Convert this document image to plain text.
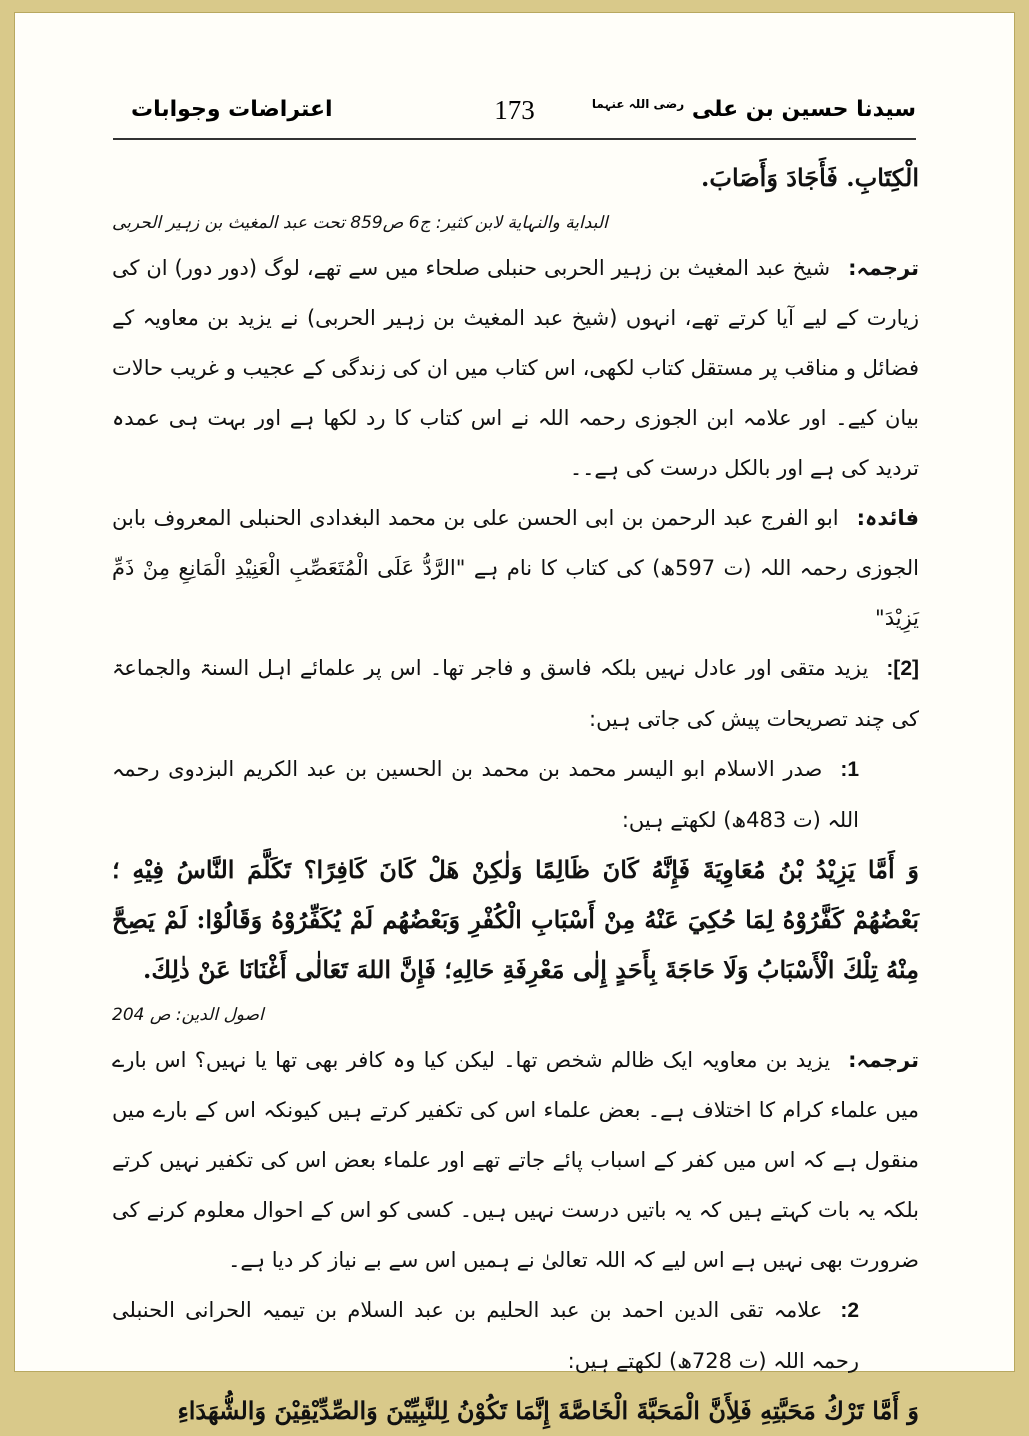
سیدنا حسین بن علی $^{رضی اللہ عنہما}$
173
اعتراضات وجوابات

الْكِتَابِ. فَأَجَادَ وَأَصَابَ.

البدایة والنہایة لابن کثیر: ج6 ص859 تحت عبد المغیث بن زہیر الحربی

ترجمہ:شیخ عبد المغیث بن زہیر الحربی حنبلی صلحاء میں سے تھے، لوگ (دور دور) ان کی زیارت کے لیے آیا کرتے تھے، انہوں (شیخ عبد المغیث بن زہیر الحربی) نے یزید بن معاویہ کے فضائل و مناقب پر مستقل کتاب لکھی، اس کتاب میں ان کی زندگی کے عجیب و غریب حالات بیان کیے۔ اور علامہ ابن الجوزی رحمہ اللہ نے اس کتاب کا رد لکھا ہے اور بہت ہی عمدہ تردید کی ہے اور بالکل درست کی ہے۔۔

فائدہ:ابو الفرج عبد الرحمن بن ابی الحسن علی بن محمد البغدادی الحنبلی المعروف بابن الجوزی رحمہ اللہ (ت 597ھ) کی کتاب کا نام ہے "الرَّدُّ عَلَى الْمُتَعَصِّبِ الْعَنِيْدِ الْمَانِعِ مِنْ ذَمِّ يَزِيْدَ"

[2]:یزید متقی اور عادل نہیں بلکہ فاسق و فاجر تھا۔ اس پر علمائے اہل السنۃ والجماعۃ کی چند تصریحات پیش کی جاتی ہیں:

1:صدر الاسلام ابو الیسر محمد بن محمد بن الحسین بن عبد الکریم البزدوی رحمہ اللہ (ت 483ھ) لکھتے ہیں:

وَ أَمَّا يَزِيْدُ بْنُ مُعَاوِيَةَ فَإِنَّهُ كَانَ ظَالِمًا وَلٰكِنْ هَلْ كَانَ كَافِرًا؟ تَكَلَّمَ النَّاسُ فِيْهِ ؛ بَعْضُهُمْ كَفَّرُوْهُ لِمَا حُكِيَ عَنْهُ مِنْ أَسْبَابِ الْكُفْرِ وَبَعْضُهُم لَمْ يُكَفِّرُوْهُ وَقَالُوْا: لَمْ يَصِحَّ مِنْهُ تِلْكَ الْأَسْبَابُ وَلَا حَاجَةَ بِأَحَدٍ إِلٰى مَعْرِفَةِ حَالِهِ؛ فَإِنَّ اللهَ تَعَالٰى أَغْنَانَا عَنْ ذٰلِكَ.

اصول الدین: ص 204

ترجمہ:یزید بن معاویہ ایک ظالم شخص تھا۔ لیکن کیا وہ کافر بھی تھا یا نہیں؟ اس بارے میں علماء کرام کا اختلاف ہے۔ بعض علماء اس کی تکفیر کرتے ہیں کیونکہ اس کے بارے میں منقول ہے کہ اس میں کفر کے اسباب پائے جاتے تھے اور علماء بعض اس کی تکفیر نہیں کرتے بلکہ یہ بات کہتے ہیں کہ یہ باتیں درست نہیں ہیں۔ کسی کو اس کے احوال معلوم کرنے کی ضرورت بھی نہیں ہے اس لیے کہ اللہ تعالیٰ نے ہمیں اس سے بے نیاز کر دیا ہے۔

2:علامہ تقی الدین احمد بن عبد الحلیم بن عبد السلام بن تیمیہ الحرانی الحنبلی رحمہ اللہ (ت 728ھ) لکھتے ہیں:

وَ أَمَّا تَرْكُ مَحَبَّتِهِ فَلِأَنَّ الْمَحَبَّةَ الْخَاصَّةَ إِنَّمَا تَكُوْنُ لِلنَّبِيِّيْنَ وَالصِّدِّيْقِيْنَ وَالشُّهَدَاءِ
